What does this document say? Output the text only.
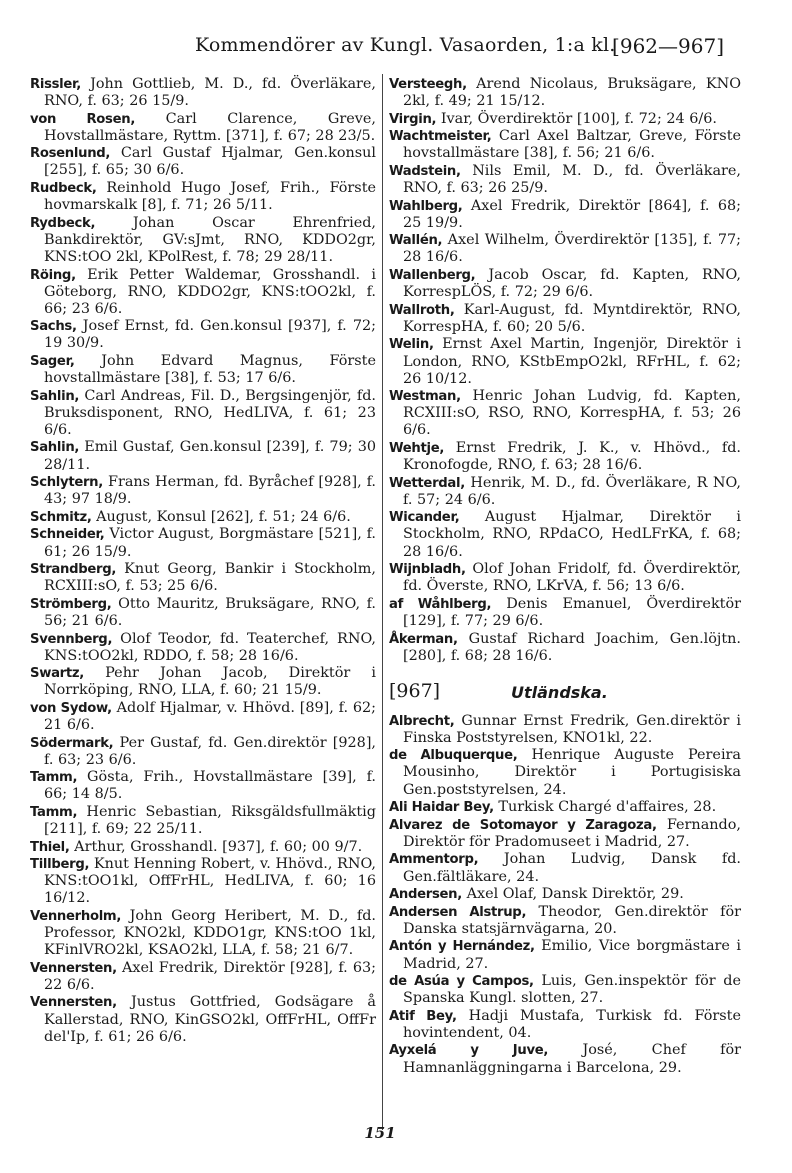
Kommendörer av Kungl. Vasaorden, 1:a kl.
[962—967]
Rissler, John Gottlieb, M. D., fd. Överläkare, RNO, f. 63; 26 15/9.
von Rosen, Carl Clarence, Greve, Hovstallmästare, Ryttm. [371], f. 67; 28 23/5.
Rosenlund, Carl Gustaf Hjalmar, Gen.konsul [255], f. 65; 30 6/6.
Rudbeck, Reinhold Hugo Josef, Frih., Förste hovmarskalk [8], f. 71; 26 5/11.
Rydbeck,	Johan Oscar Ehrenfried, Bankdirektör, GV:sJmt, RNO, KDDO2gr, KNS:tOO 2kl, KPolRest, f. 78; 29 28/11.
Röing, Erik Petter Waldemar, Grosshandl. i Göteborg, RNO, KDDO2gr, KNS:tOO2kl, f. 66; 23 6/6.
Sachs, Josef Ernst, fd. Gen.konsul [937], f. 72; 19 30/9.
Sager, John Edvard Magnus, Förste hovstallmästare [38], f. 53; 17 6/6.
Sahlin, Carl Andreas, Fil. D., Bergsingenjör, fd. Bruksdisponent, RNO, HedLIVA, f. 61; 23 6/6.
Sahlin, Emil Gustaf, Gen.konsul [239], f. 79; 30 28/11.
Schlytern, Frans Herman, fd. Byråchef [928], f. 43; 97 18/9.
Schmitz, August, Konsul [262], f. 51; 24 6/6.
Schneider, Victor August, Borgmästare [521], f. 61; 26 15/9.
Strandberg, Knut Georg, Bankir i Stockholm, RCXIII:sO, f. 53; 25 6/6.
Strömberg, Otto Mauritz, Bruksägare, RNO, f. 56; 21 6/6.
Svennberg, Olof Teodor, fd. Teaterchef, RNO, KNS:tOO2kl, RDDO, f. 58; 28 16/6.
Swartz, Pehr Johan Jacob, Direktör i Norrköping, RNO, LLA, f. 60; 21 15/9.
von Sydow, Adolf Hjalmar, v. Hhövd. [89], f. 62; 21 6/6.
Södermark, Per Gustaf, fd. Gen.direktör [928], f. 63; 23 6/6.
Tamm, Gösta, Frih., Hovstallmästare [39], f. 66; 14 8/5.
Tamm, Henric Sebastian, Riksgäldsfullmäktig [211], f. 69; 22 25/11.
Thiel, Arthur, Grosshandl. [937], f. 60; 00 9/7.
Tillberg, Knut Henning Robert, v. Hhövd., RNO, KNS:tOO1kl, OffFrHL, HedLIVA, f. 60; 16 16/12.
Vennerholm, John Georg Heribert, M. D., fd. Professor, KNO2kl, KDDO1gr, KNS:tOO 1kl, KFinlVRO2kl, KSAO2kl, LLA, f. 58; 21 6/7.
Vennersten, Axel Fredrik, Direktör [928], f. 63; 22 6/6.
Vennersten, Justus Gottfried, Godsägare å Kallerstad, RNO, KinGSO2kl, OffFrHL, OffFr del'Ip, f. 61; 26 6/6.
Versteegh, Arend Nicolaus, Bruksägare, KNO 2kl, f. 49; 21 15/12.
Virgin, Ivar, Överdirektör [100], f. 72; 24 6/6.
Wachtmeister, Carl Axel Baltzar, Greve, Förste hovstallmästare [38], f. 56; 21 6/6.
Wadstein, Nils Emil, M. D., fd. Överläkare, RNO, f. 63; 26 25/9.
Wahlberg, Axel Fredrik, Direktör [864], f. 68; 25 19/9.
Wallén, Axel Wilhelm, Överdirektör [135], f. 77; 28 16/6.
Wallenberg, Jacob Oscar, fd. Kapten, RNO, KorrespLÖS, f. 72; 29 6/6.
Wallroth, Karl-August, fd. Myntdirektör, RNO, KorrespHA, f. 60; 20 5/6.
Welin, Ernst Axel Martin, Ingenjör, Direktör i London, RNO, KStbEmpO2kl, RFrHL, f. 62; 26 10/12.
Westman, Henric Johan Ludvig, fd. Kapten, RCXIII:sO, RSO, RNO, KorrespHA, f. 53; 26 6/6.
Wehtje, Ernst Fredrik, J. K., v. Hhövd., fd. Kronofogde, RNO, f. 63; 28 16/6.
Wetterdal, Henrik, M. D., fd. Överläkare, R NO, f. 57; 24 6/6.
Wicander, August Hjalmar, Direktör i Stockholm, RNO, RPdaCO, HedLFrKA, f. 68; 28 16/6.
Wijnbladh, Olof Johan Fridolf, fd. Överdirektör, fd. Överste, RNO, LKrVA, f. 56; 13 6/6.
af Wåhlberg, Denis Emanuel, Överdirektör [129], f. 77; 29 6/6.
Åkerman, Gustaf Richard Joachim, Gen.löjtn. [280], f. 68; 28 16/6.
[967]	Utländska.
Albrecht, Gunnar Ernst Fredrik, Gen.direktör i Finska Poststyrelsen, KNO1kl, 22.
de Albuquerque, Henrique Auguste Pereira Mousinho, Direktör i Portugisiska Gen.poststyrelsen, 24.
Ali Haidar Bey, Turkisk Chargé d'affaires, 28.
Alvarez de Sotomayor y Zaragoza, Fernando, Direktör för Pradomuseet i Madrid, 27.
Ammentorp, Johan Ludvig, Dansk fd. Gen.fältläkare, 24.
Andersen, Axel Olaf, Dansk Direktör, 29.
Andersen Alstrup, Theodor, Gen.direktör för Danska statsjärnvägarna, 20.
Antón y Hernández, Emilio, Vice borgmästare i Madrid, 27.
de Asúa y Campos, Luis, Gen.inspektör för de Spanska Kungl. slotten, 27.
Atif Bey, Hadji Mustafa, Turkisk fd. Förste hovintendent, 04.
Ayxelá y Juve, José, Chef för Hamnanläggningarna i Barcelona, 29.
151
